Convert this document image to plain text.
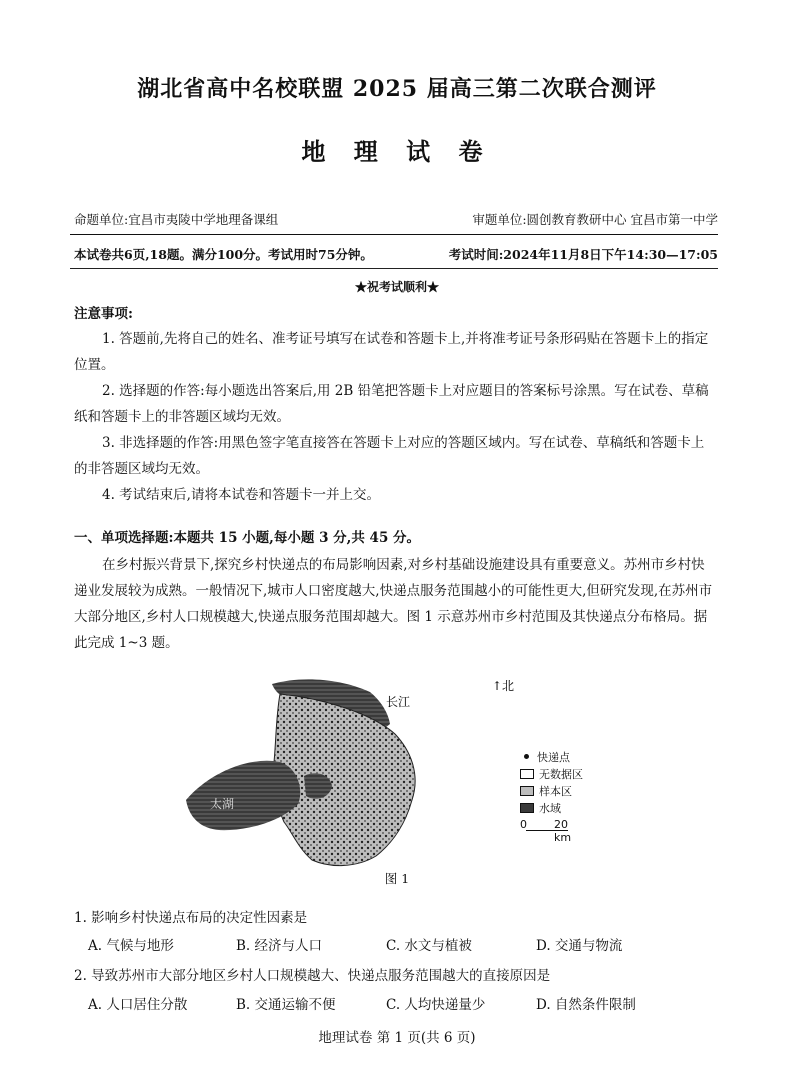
湖北省高中名校联盟 2025 届高三第二次联合测评
地 理 试 卷
命题单位:宜昌市夷陵中学地理备课组	审题单位:圆创教育教研中心 宜昌市第一中学
本试卷共6页,18题。满分100分。考试用时75分钟。	考试时间:2024年11月8日下午14:30—17:05
★祝考试顺利★
注意事项:
1. 答题前,先将自己的姓名、准考证号填写在试卷和答题卡上,并将准考证号条形码贴在答题卡上的指定位置。
2. 选择题的作答:每小题选出答案后,用 2B 铅笔把答题卡上对应题目的答案标号涂黑。写在试卷、草稿纸和答题卡上的非答题区域均无效。
3. 非选择题的作答:用黑色签字笔直接答在答题卡上对应的答题区域内。写在试卷、草稿纸和答题卡上的非答题区域均无效。
4. 考试结束后,请将本试卷和答题卡一并上交。
一、单项选择题:本题共 15 小题,每小题 3 分,共 45 分。
在乡村振兴背景下,探究乡村快递点的布局影响因素,对乡村基础设施建设具有重要意义。苏州市乡村快递业发展较为成熟。一般情况下,城市人口密度越大,快递点服务范围越小的可能性更大,但研究发现,在苏州市大部分地区,乡村人口规模越大,快递点服务范围却越大。图 1 示意苏州市乡村范围及其快递点分布格局。据此完成 1~3 题。
长江
太湖
↑北
快递点
无数据区
样本区
水域
0 20 km
图 1
1. 影响乡村快递点布局的决定性因素是
A. 气候与地形	B. 经济与人口	C. 水文与植被	D. 交通与物流
2. 导致苏州市大部分地区乡村人口规模越大、快递点服务范围越大的直接原因是
A. 人口居住分散	B. 交通运输不便	C. 人均快递量少	D. 自然条件限制
地理试卷 第 1 页(共 6 页)
